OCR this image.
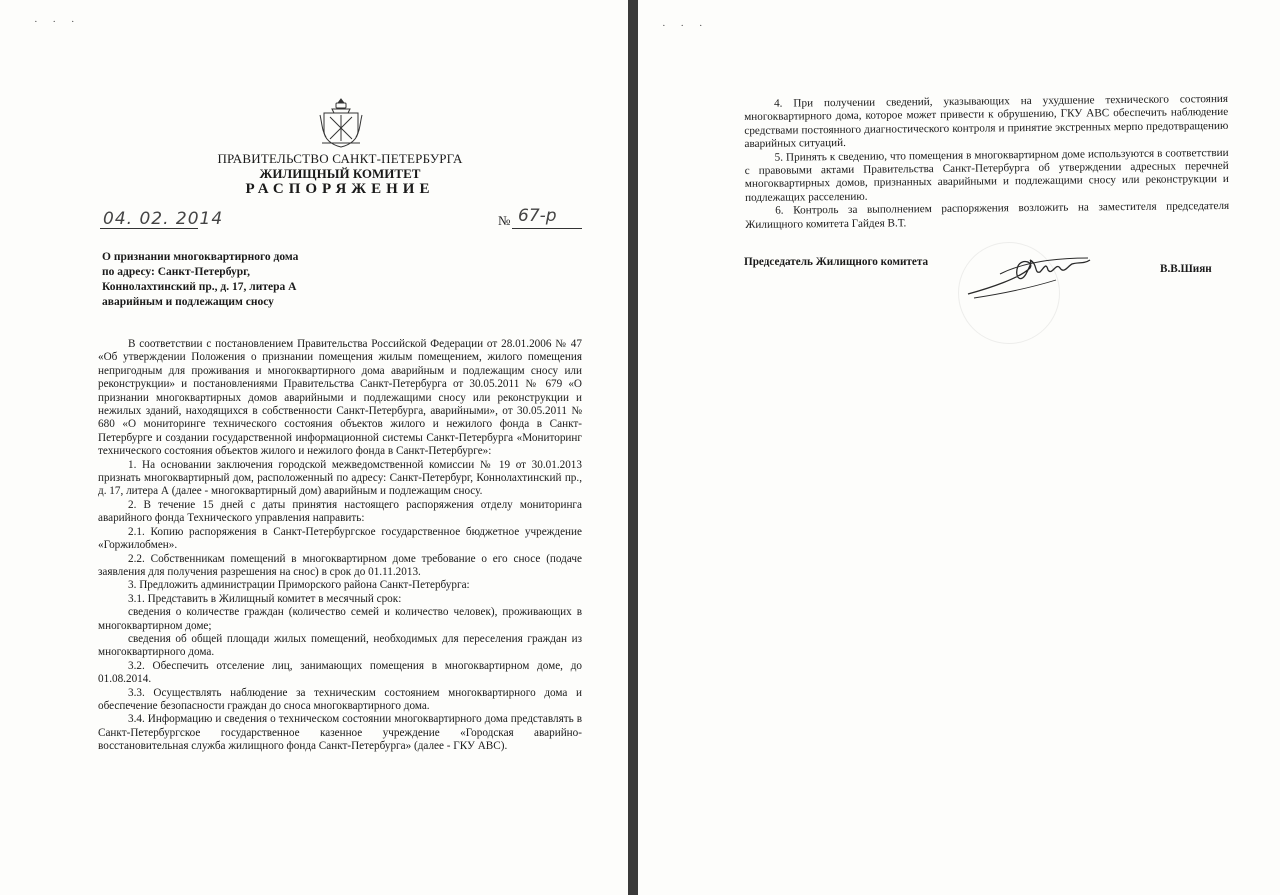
· · ·
ПРАВИТЕЛЬСТВО САНКТ-ПЕТЕРБУРГА
ЖИЛИЩНЫЙ КОМИТЕТ
РАСПОРЯЖЕНИЕ
04. 02. 2014	№ 67-р
О признании многоквартирного дома
по адресу: Санкт-Петербург,
Коннолахтинский пр., д. 17, литера А
аварийным и подлежащим сносу

В соответствии с постановлением Правительства Российской Федерации от 28.01.2006 № 47 «Об утверждении Положения о признании помещения жилым помещением, жилого помещения непригодным для проживания и многоквартирного дома аварийным и подлежащим сносу или реконструкции» и постановлениями Правительства Санкт-Петербурга от 30.05.2011 № 679 «О признании многоквартирных домов аварийными и подлежащими сносу или реконструкции и нежилых зданий, находящихся в собственности Санкт-Петербурга, аварийными», от 30.05.2011 № 680 «О мониторинге технического состояния объектов жилого и нежилого фонда в Санкт-Петербурге и создании государственной информационной системы Санкт-Петербурга «Мониторинг технического состояния объектов жилого и нежилого фонда в Санкт-Петербурге»:

1. На основании заключения городской межведомственной комиссии № 19 от 30.01.2013 признать многоквартирный дом, расположенный по адресу: Санкт-Петербург, Коннолахтинский пр., д. 17, литера А (далее - многоквартирный дом) аварийным и подлежащим сносу.

2. В течение 15 дней с даты принятия настоящего распоряжения отделу мониторинга аварийного фонда Технического управления направить:

2.1. Копию распоряжения в Санкт-Петербургское государственное бюджетное учреждение «Горжилобмен».

2.2. Собственникам помещений в многоквартирном доме требование о его сносе (подаче заявления для получения разрешения на снос) в срок до 01.11.2013.

3. Предложить администрации Приморского района Санкт-Петербурга:

3.1. Представить в Жилищный комитет в месячный срок:

сведения о количестве граждан (количество семей и количество человек), проживающих в многоквартирном доме;

сведения об общей площади жилых помещений, необходимых для переселения граждан из многоквартирного дома.

3.2. Обеспечить отселение лиц, занимающих помещения в многоквартирном доме, до 01.08.2014.

3.3. Осуществлять наблюдение за техническим состоянием многоквартирного дома и обеспечение безопасности граждан до сноса многоквартирного дома.

3.4. Информацию и сведения о техническом состоянии многоквартирного дома представлять в Санкт-Петербургское государственное казенное учреждение «Городская аварийно-восстановительная служба жилищного фонда Санкт-Петербурга» (далее - ГКУ АВС).

· · ·

4. При получении сведений, указывающих на ухудшение технического состояния многоквартирного дома, которое может привести к обрушению, ГКУ АВС обеспечить наблюдение средствами постоянного диагностического контроля и принятие экстренных мерпо предотвращению аварийных ситуаций.

5. Принять к сведению, что помещения в многоквартирном доме используются в соответствии с правовыми актами Правительства Санкт-Петербурга об утверждении адресных перечней многоквартирных домов, признанных аварийными и подлежащими сносу или реконструкции и подлежащих расселению.

6. Контроль за выполнением распоряжения возложить на заместителя председателя Жилищного комитета Гайдея В.Т.

Председатель Жилищного комитета
В.В.Шиян
